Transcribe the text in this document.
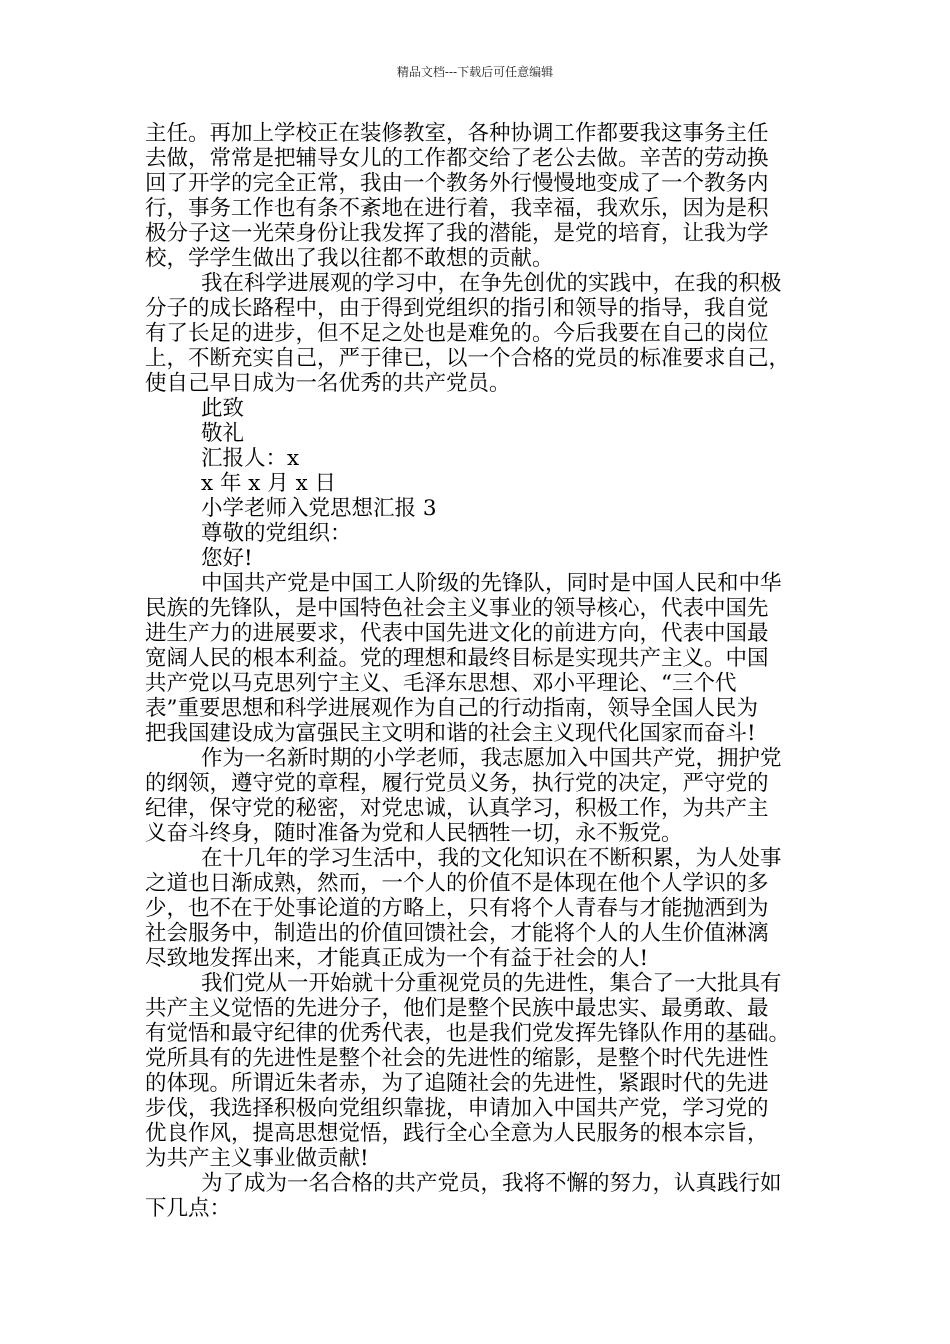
精品文档---下载后可任意编辑
主任。再加上学校正在装修教室，各种协调工作都要我这事务主任
去做，常常是把辅导女儿的工作都交给了老公去做。辛苦的劳动换
回了开学的完全正常，我由一个教务外行慢慢地变成了一个教务内
行，事务工作也有条不紊地在进行着，我幸福，我欢乐，因为是积
极分子这一光荣身份让我发挥了我的潜能，是党的培育，让我为学
校，学学生做出了我以往都不敢想的贡献。
我在科学进展观的学习中，在争先创优的实践中，在我的积极
分子的成长路程中，由于得到党组织的指引和领导的指导，我自觉
有了长足的进步，但不足之处也是难免的。今后我要在自己的岗位
上，不断充实自己，严于律已，以一个合格的党员的标准要求自己，
使自己早日成为一名优秀的共产党员。
此致
敬礼
汇报人：x
x 年 x 月 x 日
小学老师入党思想汇报 3
尊敬的党组织：
您好!
中国共产党是中国工人阶级的先锋队，同时是中国人民和中华
民族的先锋队，是中国特色社会主义事业的领导核心，代表中国先
进生产力的进展要求，代表中国先进文化的前进方向，代表中国最
宽阔人民的根本利益。党的理想和最终目标是实现共产主义。中国
共产党以马克思列宁主义、毛泽东思想、邓小平理论、“三个代
表”重要思想和科学进展观作为自己的行动指南，领导全国人民为
把我国建设成为富强民主文明和谐的社会主义现代化国家而奋斗!
作为一名新时期的小学老师，我志愿加入中国共产党，拥护党
的纲领，遵守党的章程，履行党员义务，执行党的决定，严守党的
纪律，保守党的秘密，对党忠诚，认真学习，积极工作，为共产主
义奋斗终身，随时准备为党和人民牺牲一切，永不叛党。
在十几年的学习生活中，我的文化知识在不断积累，为人处事
之道也日渐成熟，然而，一个人的价值不是体现在他个人学识的多
少，也不在于处事论道的方略上，只有将个人青春与才能抛洒到为
社会服务中，制造出的价值回馈社会，才能将个人的人生价值淋漓
尽致地发挥出来，才能真正成为一个有益于社会的人!
我们党从一开始就十分重视党员的先进性，集合了一大批具有
共产主义觉悟的先进分子，他们是整个民族中最忠实、最勇敢、最
有觉悟和最守纪律的优秀代表，也是我们党发挥先锋队作用的基础。
党所具有的先进性是整个社会的先进性的缩影，是整个时代先进性
的体现。所谓近朱者赤，为了追随社会的先进性，紧跟时代的先进
步伐，我选择积极向党组织靠拢，申请加入中国共产党，学习党的
优良作风，提高思想觉悟，践行全心全意为人民服务的根本宗旨，
为共产主义事业做贡献!
为了成为一名合格的共产党员，我将不懈的努力，认真践行如
下几点：
